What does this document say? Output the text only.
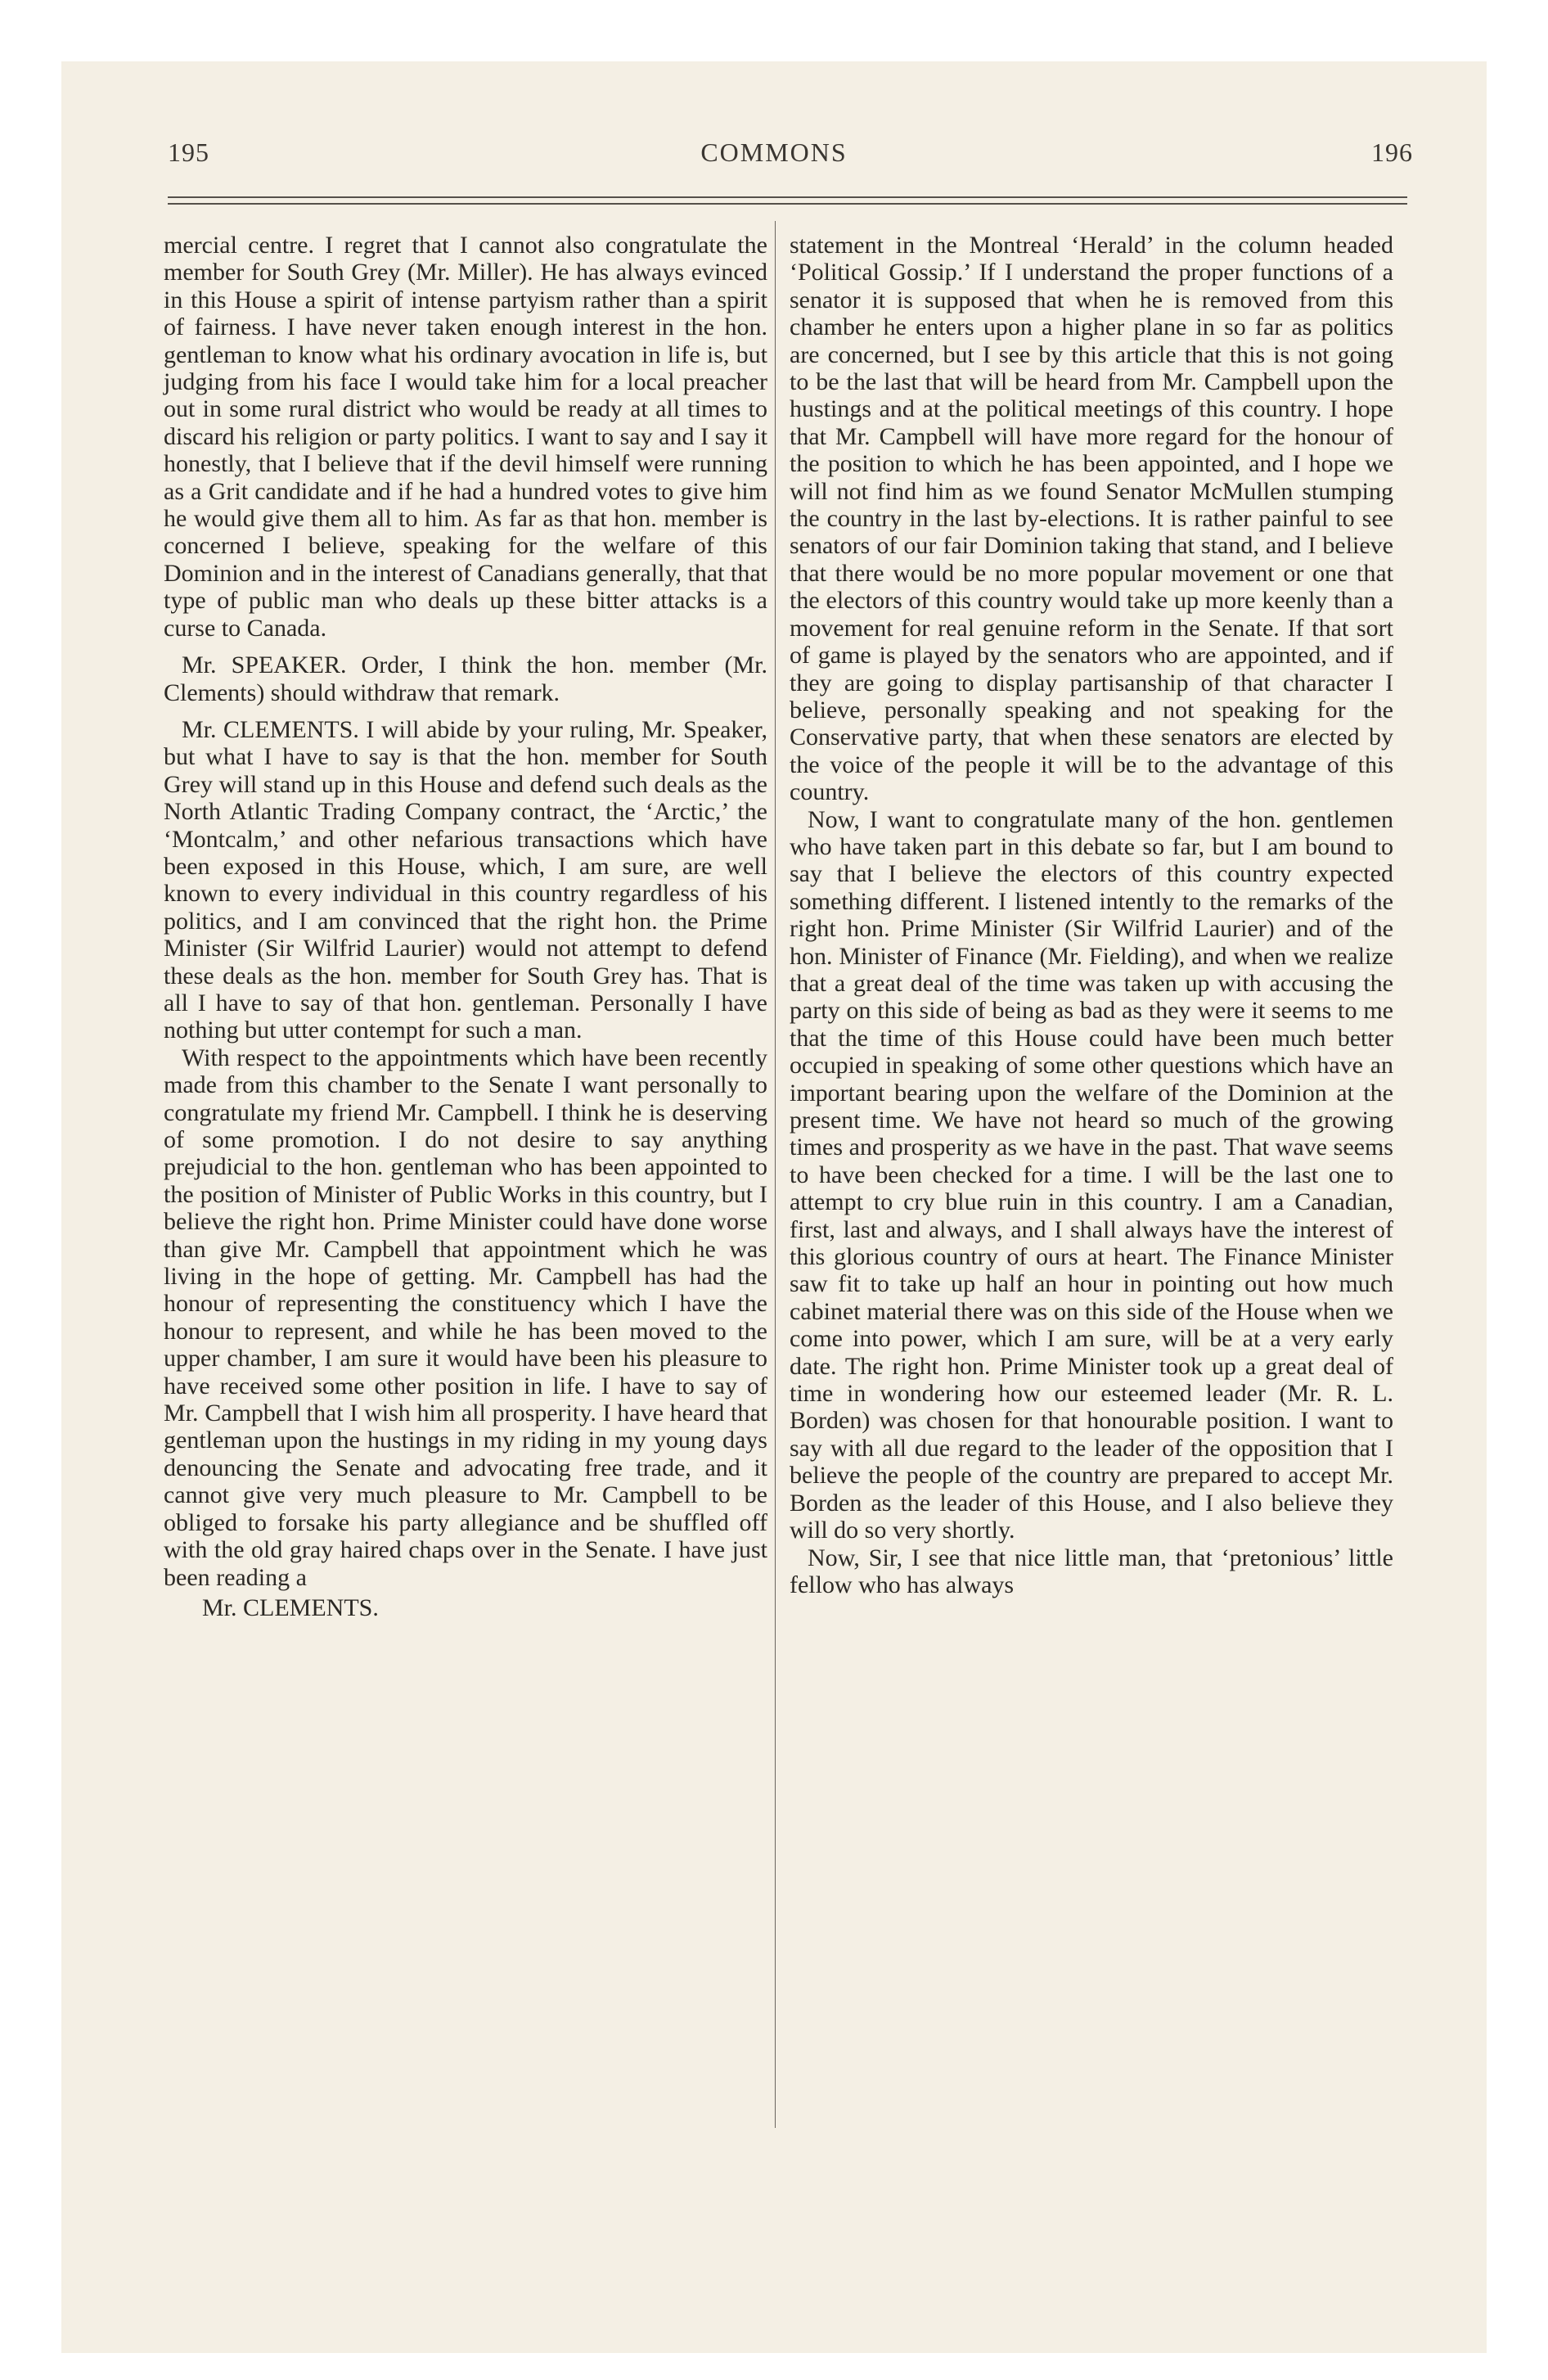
195	COMMONS	196

mercial centre. I regret that I cannot also congratulate the member for South Grey (Mr. Miller). He has always evinced in this House a spirit of intense partyism rather than a spirit of fairness. I have never taken enough interest in the hon. gentleman to know what his ordinary avocation in life is, but judging from his face I would take him for a local preacher out in some rural district who would be ready at all times to discard his religion or party politics. I want to say and I say it honestly, that I believe that if the devil himself were running as a Grit candidate and if he had a hundred votes to give him he would give them all to him. As far as that hon. member is concerned I believe, speaking for the welfare of this Dominion and in the interest of Canadians generally, that that type of public man who deals up these bitter attacks is a curse to Canada.

Mr. SPEAKER. Order, I think the hon. member (Mr. Clements) should withdraw that remark.

Mr. CLEMENTS. I will abide by your ruling, Mr. Speaker, but what I have to say is that the hon. member for South Grey will stand up in this House and defend such deals as the North Atlantic Trading Company contract, the ‘Arctic,’ the ‘Montcalm,’ and other nefarious transactions which have been exposed in this House, which, I am sure, are well known to every individual in this country regardless of his politics, and I am convinced that the right hon. the Prime Minister (Sir Wilfrid Laurier) would not attempt to defend these deals as the hon. member for South Grey has. That is all I have to say of that hon. gentleman. Personally I have nothing but utter contempt for such a man.

With respect to the appointments which have been recently made from this chamber to the Senate I want personally to congratulate my friend Mr. Campbell. I think he is deserving of some promotion. I do not desire to say anything prejudicial to the hon. gentleman who has been appointed to the position of Minister of Public Works in this country, but I believe the right hon. Prime Minister could have done worse than give Mr. Campbell that appointment which he was living in the hope of getting. Mr. Campbell has had the honour of representing the constituency which I have the honour to represent, and while he has been moved to the upper chamber, I am sure it would have been his pleasure to have received some other position in life. I have to say of Mr. Campbell that I wish him all prosperity. I have heard that gentleman upon the hustings in my riding in my young days denouncing the Senate and advocating free trade, and it cannot give very much pleasure to Mr. Campbell to be obliged to forsake his party allegiance and be shuffled off with the old gray haired chaps over in the Senate. I have just been reading a

Mr. CLEMENTS.

statement in the Montreal ‘Herald’ in the column headed ‘Political Gossip.’ If I understand the proper functions of a senator it is supposed that when he is removed from this chamber he enters upon a higher plane in so far as politics are concerned, but I see by this article that this is not going to be the last that will be heard from Mr. Campbell upon the hustings and at the political meetings of this country. I hope that Mr. Campbell will have more regard for the honour of the position to which he has been appointed, and I hope we will not find him as we found Senator McMullen stumping the country in the last by-elections. It is rather painful to see senators of our fair Dominion taking that stand, and I believe that there would be no more popular movement or one that the electors of this country would take up more keenly than a movement for real genuine reform in the Senate. If that sort of game is played by the senators who are appointed, and if they are going to display partisanship of that character I believe, personally speaking and not speaking for the Conservative party, that when these senators are elected by the voice of the people it will be to the advantage of this country.

Now, I want to congratulate many of the hon. gentlemen who have taken part in this debate so far, but I am bound to say that I believe the electors of this country expected something different. I listened intently to the remarks of the right hon. Prime Minister (Sir Wilfrid Laurier) and of the hon. Minister of Finance (Mr. Fielding), and when we realize that a great deal of the time was taken up with accusing the party on this side of being as bad as they were it seems to me that the time of this House could have been much better occupied in speaking of some other questions which have an important bearing upon the welfare of the Dominion at the present time. We have not heard so much of the growing times and prosperity as we have in the past. That wave seems to have been checked for a time. I will be the last one to attempt to cry blue ruin in this country. I am a Canadian, first, last and always, and I shall always have the interest of this glorious country of ours at heart. The Finance Minister saw fit to take up half an hour in pointing out how much cabinet material there was on this side of the House when we come into power, which I am sure, will be at a very early date. The right hon. Prime Minister took up a great deal of time in wondering how our esteemed leader (Mr. R. L. Borden) was chosen for that honourable position. I want to say with all due regard to the leader of the opposition that I believe the people of the country are prepared to accept Mr. Borden as the leader of this House, and I also believe they will do so very shortly.

Now, Sir, I see that nice little man, that ‘pretonious’ little fellow who has always
